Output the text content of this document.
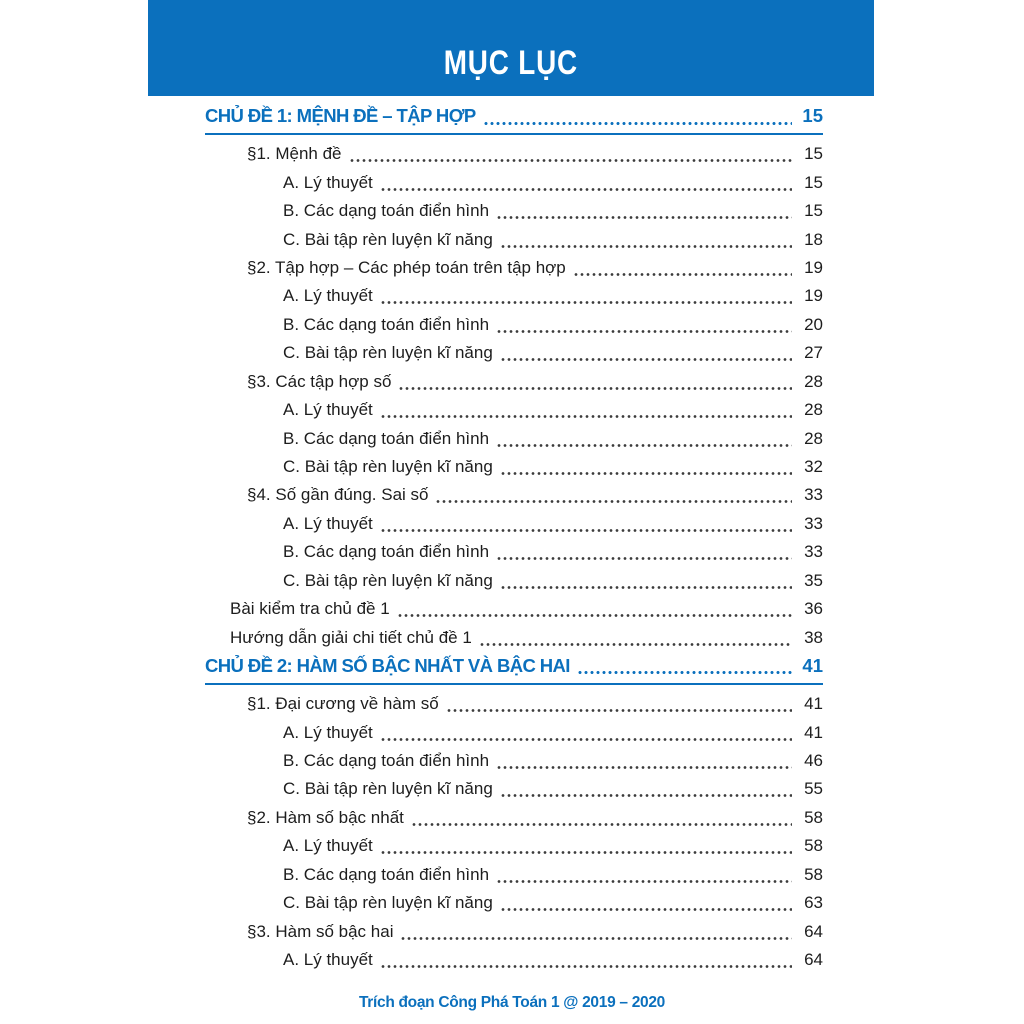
MỤC LỤC
CHỦ ĐỀ 1: MỆNH ĐỀ – TẬP HỢP	15
§1. Mệnh đề	15
A. Lý thuyết	15
B. Các dạng toán điển hình	15
C. Bài tập rèn luyện kĩ năng	18
§2. Tập hợp – Các phép toán trên tập hợp	19
A. Lý thuyết	19
B. Các dạng toán điển hình	20
C. Bài tập rèn luyện kĩ năng	27
§3. Các tập hợp số	28
A. Lý thuyết	28
B. Các dạng toán điển hình	28
C. Bài tập rèn luyện kĩ năng	32
§4. Số gần đúng. Sai số	33
A. Lý thuyết	33
B. Các dạng toán điển hình	33
C. Bài tập rèn luyện kĩ năng	35
Bài kiểm tra chủ đề 1	36
Hướng dẫn giải chi tiết chủ đề 1	38
CHỦ ĐỀ 2: HÀM SỐ BẬC NHẤT VÀ BẬC HAI	41
§1. Đại cương về hàm số	41
A. Lý thuyết	41
B. Các dạng toán điển hình	46
C. Bài tập rèn luyện kĩ năng	55
§2. Hàm số bậc nhất	58
A. Lý thuyết	58
B. Các dạng toán điển hình	58
C. Bài tập rèn luyện kĩ năng	63
§3. Hàm số bậc hai	64
A. Lý thuyết	64
Trích đoạn Công Phá Toán 1 @ 2019 – 2020
